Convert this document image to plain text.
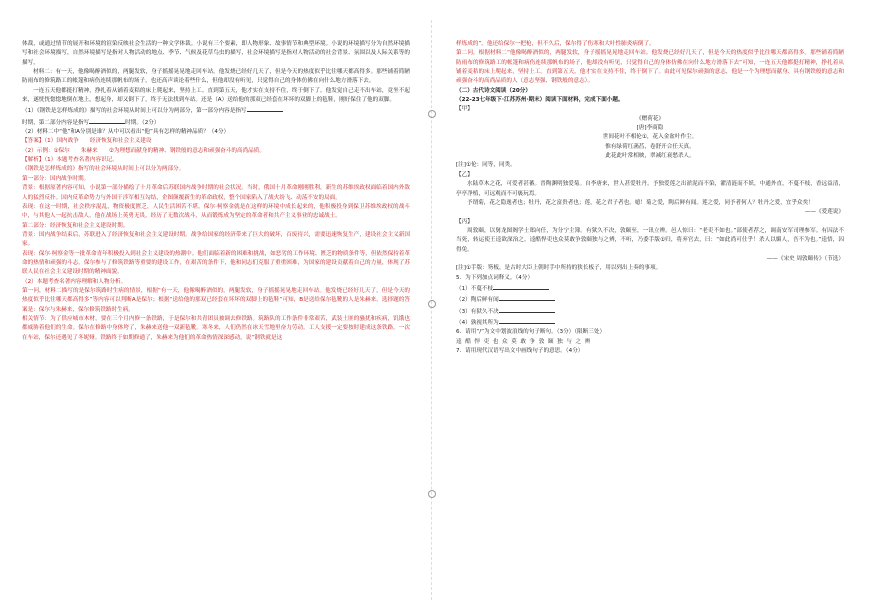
体裁，或通过情节的展开和环境的渲染反映社会生活的一种文学体裁。小说有三个要素，即人物形象、故事情节和典型环境。小说的环境描写分为自然环境描写和社会环境描写，自然环境描写是指对人物活动的地点、季节、气候及花草鸟虫的描写，社会环境描写是指对人物活动的社会背景、氛围以及人际关系等的描写。

材料二：有一天，他像喝醉酒似的，两腿发软，身子摇摇晃晃地走回车站。他发烧已经好几天了，但是今天的热度似乎比往哪天都高得多。那些铺着简陋防雨布的修筑路工的帐篷和病伤连续那帆布的场子，也还高声谈论着些什么，但他却没有听见，只觉得自己的身体仿佛在向什么地方滑落下去。

一连五天他都挺打精神，挣扎着从铺着麦秸的床上爬起来，坚持上工。直到第五天，他才实在支持不住，终于倒下了。他发觉自己走不出车站，竟坐不起来，遂恍恍惚惚地倒在地上，想起身，却又倒下了，终于无法找到车站。还是（A）送给他的那双已经套在坏坏的双脚上的毡鞋，刚好保住了他的双脚。

（1）《钢铁是怎样炼成的》描写的社会环境从时间上可以分为两部分，第一部分内容是指写

时期，第二部分内容是指写	时期。（2分）

（2）材料二中“他”和A分别是谁？从中可以看出“他”具有怎样的精神品质？（4分）

【答案】（1）国内战争　　经济恢复和社会主义建设

（2）示例：①保尔　　朱赫来　　②为理想而献身的精神、钢铁般的意志和顽强奋斗的高尚品质。

【解析】（1）本题考查名著内容识记。

《钢铁是怎样炼成的》指写的社会环境从时间上可以分为两部分。

第一部分：国内战争时期。

背景：根据原著内容可知，小说第一部分描绘了十月革命后苏联国内战争时期的社会状况。当时，俄国十月革命刚刚胜利，新生的苏维埃政权面临着国内外敌人的猛烈反扑。国内反革命势力与外国干涉军相互勾结，企图颠覆新生的革命政权，整个国家陷入了战火纷飞、动荡不安的局面。

表现：在这一时期，社会秩序混乱，物资极度匮乏，人民生活困苦不堪。保尔·柯察金就是在这样的环境中成长起来的，他积极投身到保卫苏维埃政权的战斗中，与其他人一起抗击敌人，他在战场上英勇无畏，经历了无数次战斗，从而锻炼成为坚定的革命者和共产主义事业的忠诚战士。

第二部分：经济恢复和社会主义建设时期。

背景：国内战争结束后，苏联进入了经济恢复和社会主义建设时期。战争给国家的经济带来了巨大的破坏，百废待兴，需要迅速恢复生产，建设社会主义新国家。

表现：保尔·柯察金等一批革命青年积极投入到社会主义建设的热潮中。他们面临着新的困难和挑战，如恶劣的工作环境、匮乏的物质条件等，但依然保持着革命的热情和顽强的斗志。保尔参与了修筑铁路等重要的建设工作，在艰苦的条件下，他和同志们克服了重重困难，为国家的建设贡献着自己的力量，体现了苏联人民在社会主义建设时期的精神面貌。

（2）本题考查名著内容理解和人物分析。

第一问，材料二描写的是保尔筑路时生病的情景，根据“有一天，他像喝醉酒似的，两腿发软，身子摇摇晃晃地走回车站。他发烧已经好几天了，但是今天的热度似乎比往哪天都高得多”等内容可以判断A是保尔；根据“送给他的那双已经套在坏坏的双脚上的毡鞋”可知，B是送给保尔毡靴的人是朱赫来。选择题的答案是：保尔与朱赫来，保尔修筑铁路时生病。

相关情节：为了供应城市木材，要在三个月内修一条铁路，于是保尔和共青团员被调去修铁路。筑路队的工作条件非常艰苦，武装土匪的骚扰和疾病，饥饿也都威胁着他们的生命。保尔在修路中身体垮了，朱赫来送他一双新毡靴。寒冬来，人们仍然在冰天雪地里奋力劳动。工人支援一定要按时建成这条铁路。一次在车站，保尔还遇见了冬妮娅。铁路终于如期修通了，朱赫来为他们的革命热情深深感动，说“钢铁就是这

样炼成的”。他还给保尔一把枪，但不久后，保尔得了伤寒和大叶性肺炎病倒了。

第二问，根据材料二“他像喝醉酒似的，两腿发软，身子摇摇晃晃地走回车站。他发烧已经好几天了，但是今天的热度似乎比往哪天都高得多。那些铺着简陋防雨布的修筑路工的帐篷和病伤连续那帆布的场子，他却没有听见，只觉得自己的身体仿佛在向什么地方滑落下去”可知，一连五天他都挺打精神，挣扎着从铺着麦秸的床上爬起来，坚持上工。直到第五天，他才实在支持不住，终于倒下了。由此可见保尔顽强的意志，他是一个为理想而献身、具有钢铁般的意志和顽强奋斗的高尚品质的人（意志坚强、钢铁般的意志）。

（二）古代诗文阅读（20分）

（22-23七年级下·江苏苏州·期末）阅读下面材料，完成下面小题。

【甲】

《赠荷花》

[唐]李商隐

世间花叶不相伦①，花入金盆叶作尘。

惟有绿荷红菡萏，卷舒开合任天真。

此花此叶常相映，翠减红衰愁杀人。

[注]①伦：同等，同类。

【乙】

水陆草木之花，可爱者甚蕃。晋陶渊明独爱菊。自李唐来，世人甚爱牡丹。予独爱莲之出淤泥而不染，濯清涟而不妖，中通外直，不蔓不枝，香远益清，亭亭净植，可远观而不可亵玩焉。

予谓菊，花之隐逸者也；牡丹，花之富贵者也；莲，花之君子者也。噫！菊之爱，陶后鲜有闻。莲之爱，同予者何人？牡丹之爱，宜乎众矣！

——《爱莲说》

【丙】

周敦颐，以舅龙图阁学士郑向任，为分宁主簿。有狱久不决，敦颐至，一讯立辨。邑人惊曰：“老吏不如也。”部使者荐之，调南安军司理参军。有囚法不当死，转运使王逵欲深治之。逵酷悍吏也众莫敢争敦颐独与之辨，不听，乃委手版①归，将弃官去，曰：“如此尚可仕乎！杀人以媚人，吾不为也。”逵悟，囚得免。

——《宋史 周敦颐传》（节选）

[注]①手版：笏板，是古时大臣上朝时手中所持的狭长板子，用以列出上奏的事项。

5．为下列加点词释义。（4分）

（1）不蔓不枝

（2）陶后鲜有闻

（3）有狱久不决

（4）孰视其所为

6．请用“/”为文中划波浪线的句子断句。（3分）（限断三处）

逵酷悍吏也众莫敢争敦颐独与之辨

7．请用现代汉语写出文中画线句子的意思。（4分）
